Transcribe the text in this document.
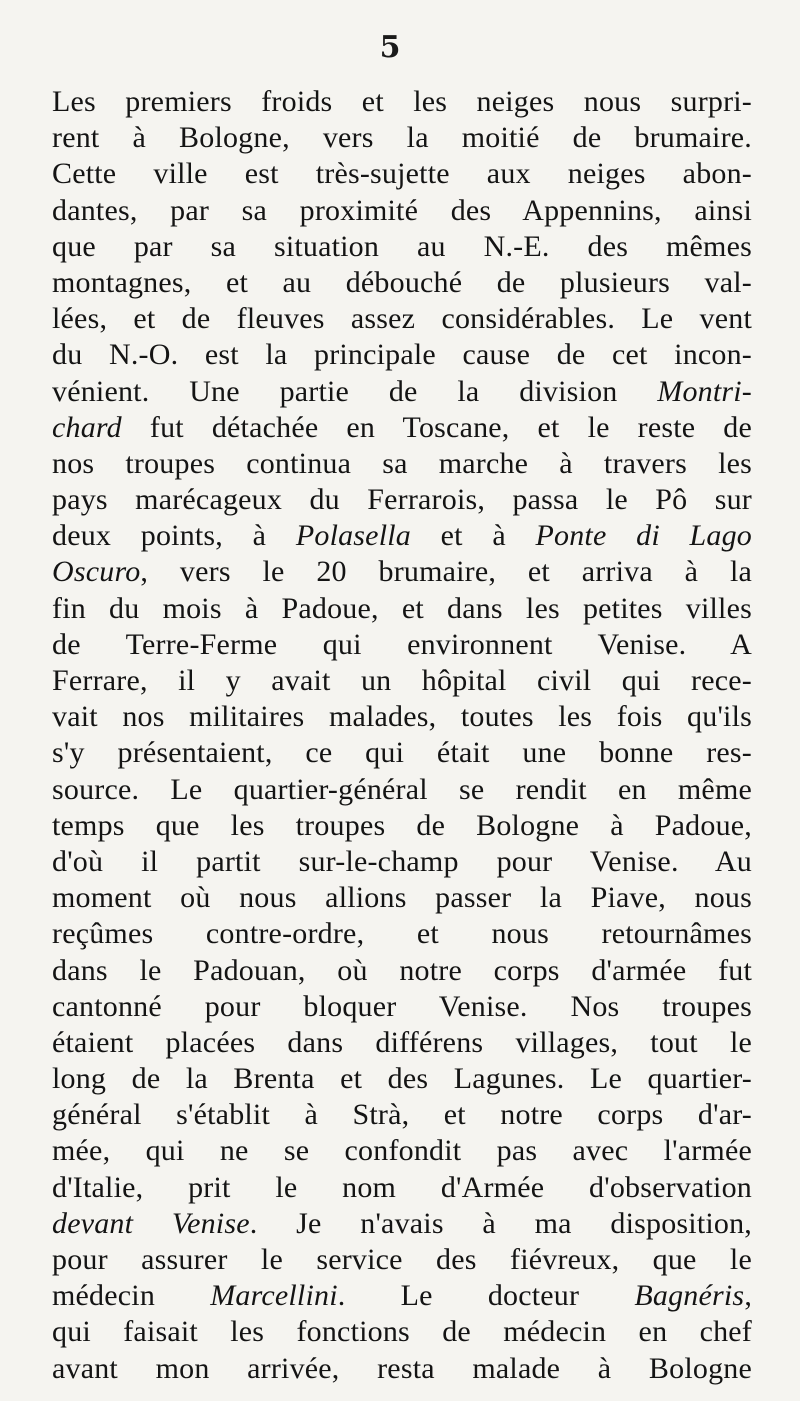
5
Les premiers froids et les neiges nous surpri-
rent à Bologne, vers la moitié de brumaire.
Cette ville est très-sujette aux neiges abon-
dantes, par sa proximité des Appennins, ainsi
que par sa situation au N.-E. des mêmes
montagnes, et au débouché de plusieurs val-
lées, et de fleuves assez considérables. Le vent
du N.-O. est la principale cause de cet incon-
vénient. Une partie de la division Montri-
chard fut détachée en Toscane, et le reste de
nos troupes continua sa marche à travers les
pays marécageux du Ferrarois, passa le Pô sur
deux points, à Polasella et à Ponte di Lago
Oscuro, vers le 20 brumaire, et arriva à la
fin du mois à Padoue, et dans les petites villes
de Terre-Ferme qui environnent Venise. A
Ferrare, il y avait un hôpital civil qui rece-
vait nos militaires malades, toutes les fois qu'ils
s'y présentaient, ce qui était une bonne res-
source. Le quartier-général se rendit en même
temps que les troupes de Bologne à Padoue,
d'où il partit sur-le-champ pour Venise. Au
moment où nous allions passer la Piave, nous
reçûmes contre-ordre, et nous retournâmes
dans le Padouan, où notre corps d'armée fut
cantonné pour bloquer Venise. Nos troupes
étaient placées dans différens villages, tout le
long de la Brenta et des Lagunes. Le quartier-
général s'établit à Strà, et notre corps d'ar-
mée, qui ne se confondit pas avec l'armée
d'Italie, prit le nom d'Armée d'observation
devant Venise. Je n'avais à ma disposition,
pour assurer le service des fiévreux, que le
médecin Marcellini. Le docteur Bagnéris,
qui faisait les fonctions de médecin en chef
avant mon arrivée, resta malade à Bologne
